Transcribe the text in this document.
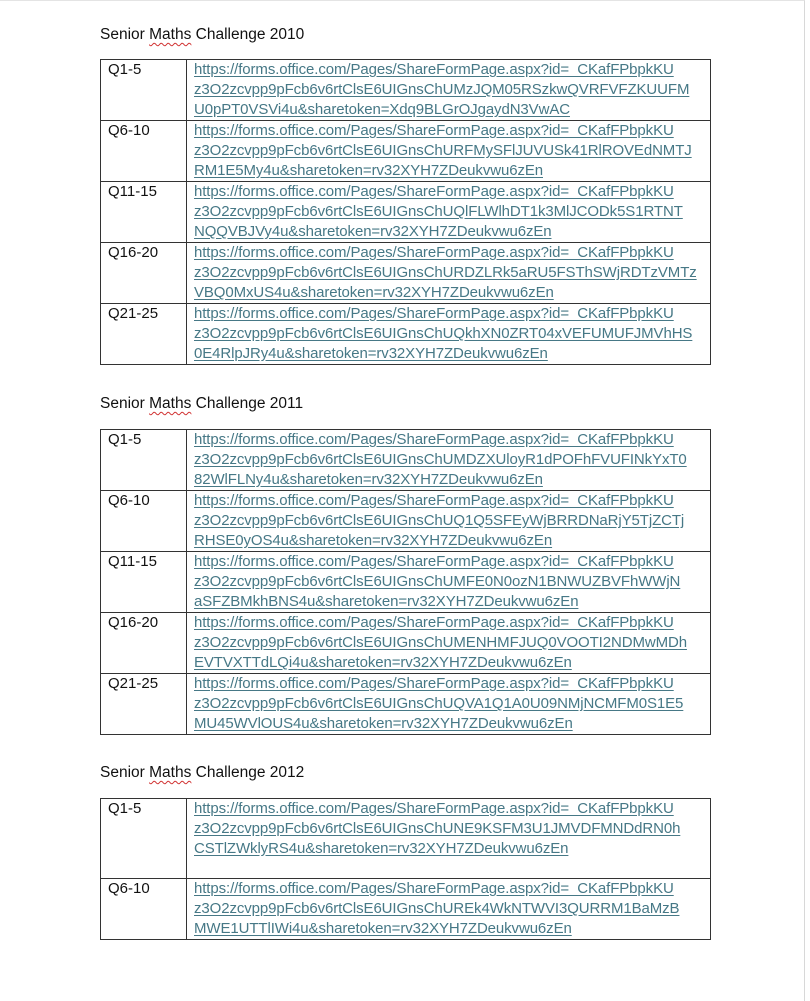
Senior Maths Challenge 2010
Q1-5	https://forms.office.com/Pages/ShareFormPage.aspx?id=_CKafFPbpkKU
z3O2zcvpp9pFcb6v6rtClsE6UIGnsChUMzJQM05RSzkwQVRFVFZKUUFM
U0pPT0VSVi4u&sharetoken=Xdq9BLGrOJgaydN3VwAC
Q6-10	https://forms.office.com/Pages/ShareFormPage.aspx?id=_CKafFPbpkKU
z3O2zcvpp9pFcb6v6rtClsE6UIGnsChURFMySFlJUVUSk41RlROVEdNMTJ
RM1E5My4u&sharetoken=rv32XYH7ZDeukvwu6zEn
Q11-15	https://forms.office.com/Pages/ShareFormPage.aspx?id=_CKafFPbpkKU
z3O2zcvpp9pFcb6v6rtClsE6UIGnsChUQlFLWlhDT1k3MlJCODk5S1RTNT
NQQVBJVy4u&sharetoken=rv32XYH7ZDeukvwu6zEn
Q16-20	https://forms.office.com/Pages/ShareFormPage.aspx?id=_CKafFPbpkKU
z3O2zcvpp9pFcb6v6rtClsE6UIGnsChURDZLRk5aRU5FSThSWjRDTzVMTz
VBQ0MxUS4u&sharetoken=rv32XYH7ZDeukvwu6zEn
Q21-25	https://forms.office.com/Pages/ShareFormPage.aspx?id=_CKafFPbpkKU
z3O2zcvpp9pFcb6v6rtClsE6UIGnsChUQkhXN0ZRT04xVEFUMUFJMVhHS
0E4RlpJRy4u&sharetoken=rv32XYH7ZDeukvwu6zEn
Senior Maths Challenge 2011
Q1-5	https://forms.office.com/Pages/ShareFormPage.aspx?id=_CKafFPbpkKU
z3O2zcvpp9pFcb6v6rtClsE6UIGnsChUMDZXUloyR1dPOFhFVUFINkYxT0
82WlFLNy4u&sharetoken=rv32XYH7ZDeukvwu6zEn
Q6-10	https://forms.office.com/Pages/ShareFormPage.aspx?id=_CKafFPbpkKU
z3O2zcvpp9pFcb6v6rtClsE6UIGnsChUQ1Q5SFEyWjBRRDNaRjY5TjZCTj
RHSE0yOS4u&sharetoken=rv32XYH7ZDeukvwu6zEn
Q11-15	https://forms.office.com/Pages/ShareFormPage.aspx?id=_CKafFPbpkKU
z3O2zcvpp9pFcb6v6rtClsE6UIGnsChUMFE0N0ozN1BNWUZBVFhWWjN
aSFZBMkhBNS4u&sharetoken=rv32XYH7ZDeukvwu6zEn
Q16-20	https://forms.office.com/Pages/ShareFormPage.aspx?id=_CKafFPbpkKU
z3O2zcvpp9pFcb6v6rtClsE6UIGnsChUMENHMFJUQ0VOOTI2NDMwMDh
EVTVXTTdLQi4u&sharetoken=rv32XYH7ZDeukvwu6zEn
Q21-25	https://forms.office.com/Pages/ShareFormPage.aspx?id=_CKafFPbpkKU
z3O2zcvpp9pFcb6v6rtClsE6UIGnsChUQVA1Q1A0U09NMjNCMFM0S1E5
MU45WVlOUS4u&sharetoken=rv32XYH7ZDeukvwu6zEn
Senior Maths Challenge 2012
Q1-5	https://forms.office.com/Pages/ShareFormPage.aspx?id=_CKafFPbpkKU
z3O2zcvpp9pFcb6v6rtClsE6UIGnsChUNE9KSFM3U1JMVDFMNDdRN0h
CSTlZWklyRS4u&sharetoken=rv32XYH7ZDeukvwu6zEn
Q6-10	https://forms.office.com/Pages/ShareFormPage.aspx?id=_CKafFPbpkKU
z3O2zcvpp9pFcb6v6rtClsE6UIGnsChUREk4WkNTWVI3QURRM1BaMzB
MWE1UTTlIWi4u&sharetoken=rv32XYH7ZDeukvwu6zEn
